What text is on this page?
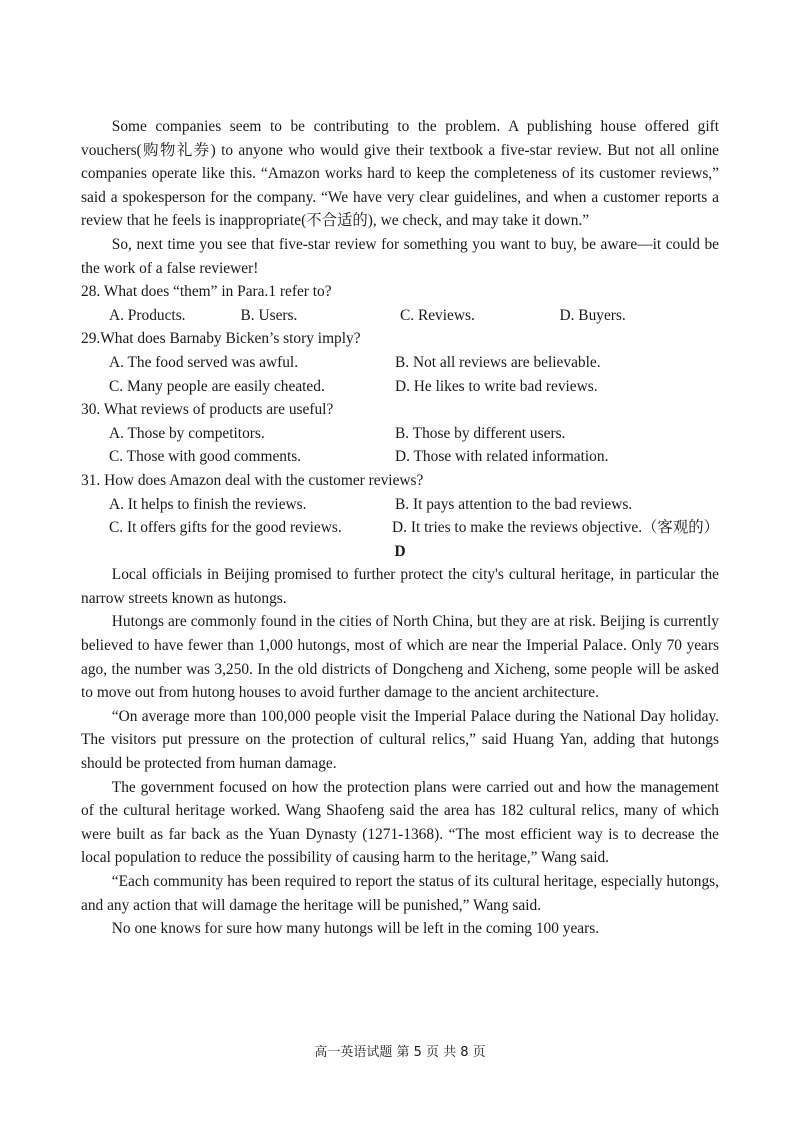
Some companies seem to be contributing to the problem. A publishing house offered gift vouchers(购物礼券) to anyone who would give their textbook a five-star review. But not all online companies operate like this. “Amazon works hard to keep the completeness of its customer reviews,” said a spokesperson for the company. “We have very clear guidelines, and when a customer reports a review that he feels is inappropriate(不合适的), we check, and may take it down.”

So, next time you see that five-star review for something you want to buy, be aware—it could be the work of a false reviewer!

28. What does “them” in Para.1 refer to?

A. Products.	B. Users.	C. Reviews.	D. Buyers.

29.What does Barnaby Bicken’s story imply?

A. The food served was awful.	B. Not all reviews are believable.
C. Many people are easily cheated.	D. He likes to write bad reviews.

30. What reviews of products are useful?

A. Those by competitors.	B. Those by different users.
C. Those with good comments.	D. Those with related information.

31. How does Amazon deal with the customer reviews?

A. It helps to finish the reviews.	B. It pays attention to the bad reviews.
C. It offers gifts for the good reviews.	D. It tries to make the reviews objective.（客观的）

D

Local officials in Beijing promised to further protect the city's cultural heritage, in particular the narrow streets known as hutongs.

Hutongs are commonly found in the cities of North China, but they are at risk. Beijing is currently believed to have fewer than 1,000 hutongs, most of which are near the Imperial Palace. Only 70 years ago, the number was 3,250. In the old districts of Dongcheng and Xicheng, some people will be asked to move out from hutong houses to avoid further damage to the ancient architecture.

“On average more than 100,000 people visit the Imperial Palace during the National Day holiday. The visitors put pressure on the protection of cultural relics,” said Huang Yan, adding that hutongs should be protected from human damage.

The government focused on how the protection plans were carried out and how the management of the cultural heritage worked. Wang Shaofeng said the area has 182 cultural relics, many of which were built as far back as the Yuan Dynasty (1271-1368). “The most efficient way is to decrease the local population to reduce the possibility of causing harm to the heritage,” Wang said.

“Each community has been required to report the status of its cultural heritage, especially hutongs, and any action that will damage the heritage will be punished,” Wang said.

No one knows for sure how many hutongs will be left in the coming 100 years.

高一英语试题 第 5 页 共 8 页
